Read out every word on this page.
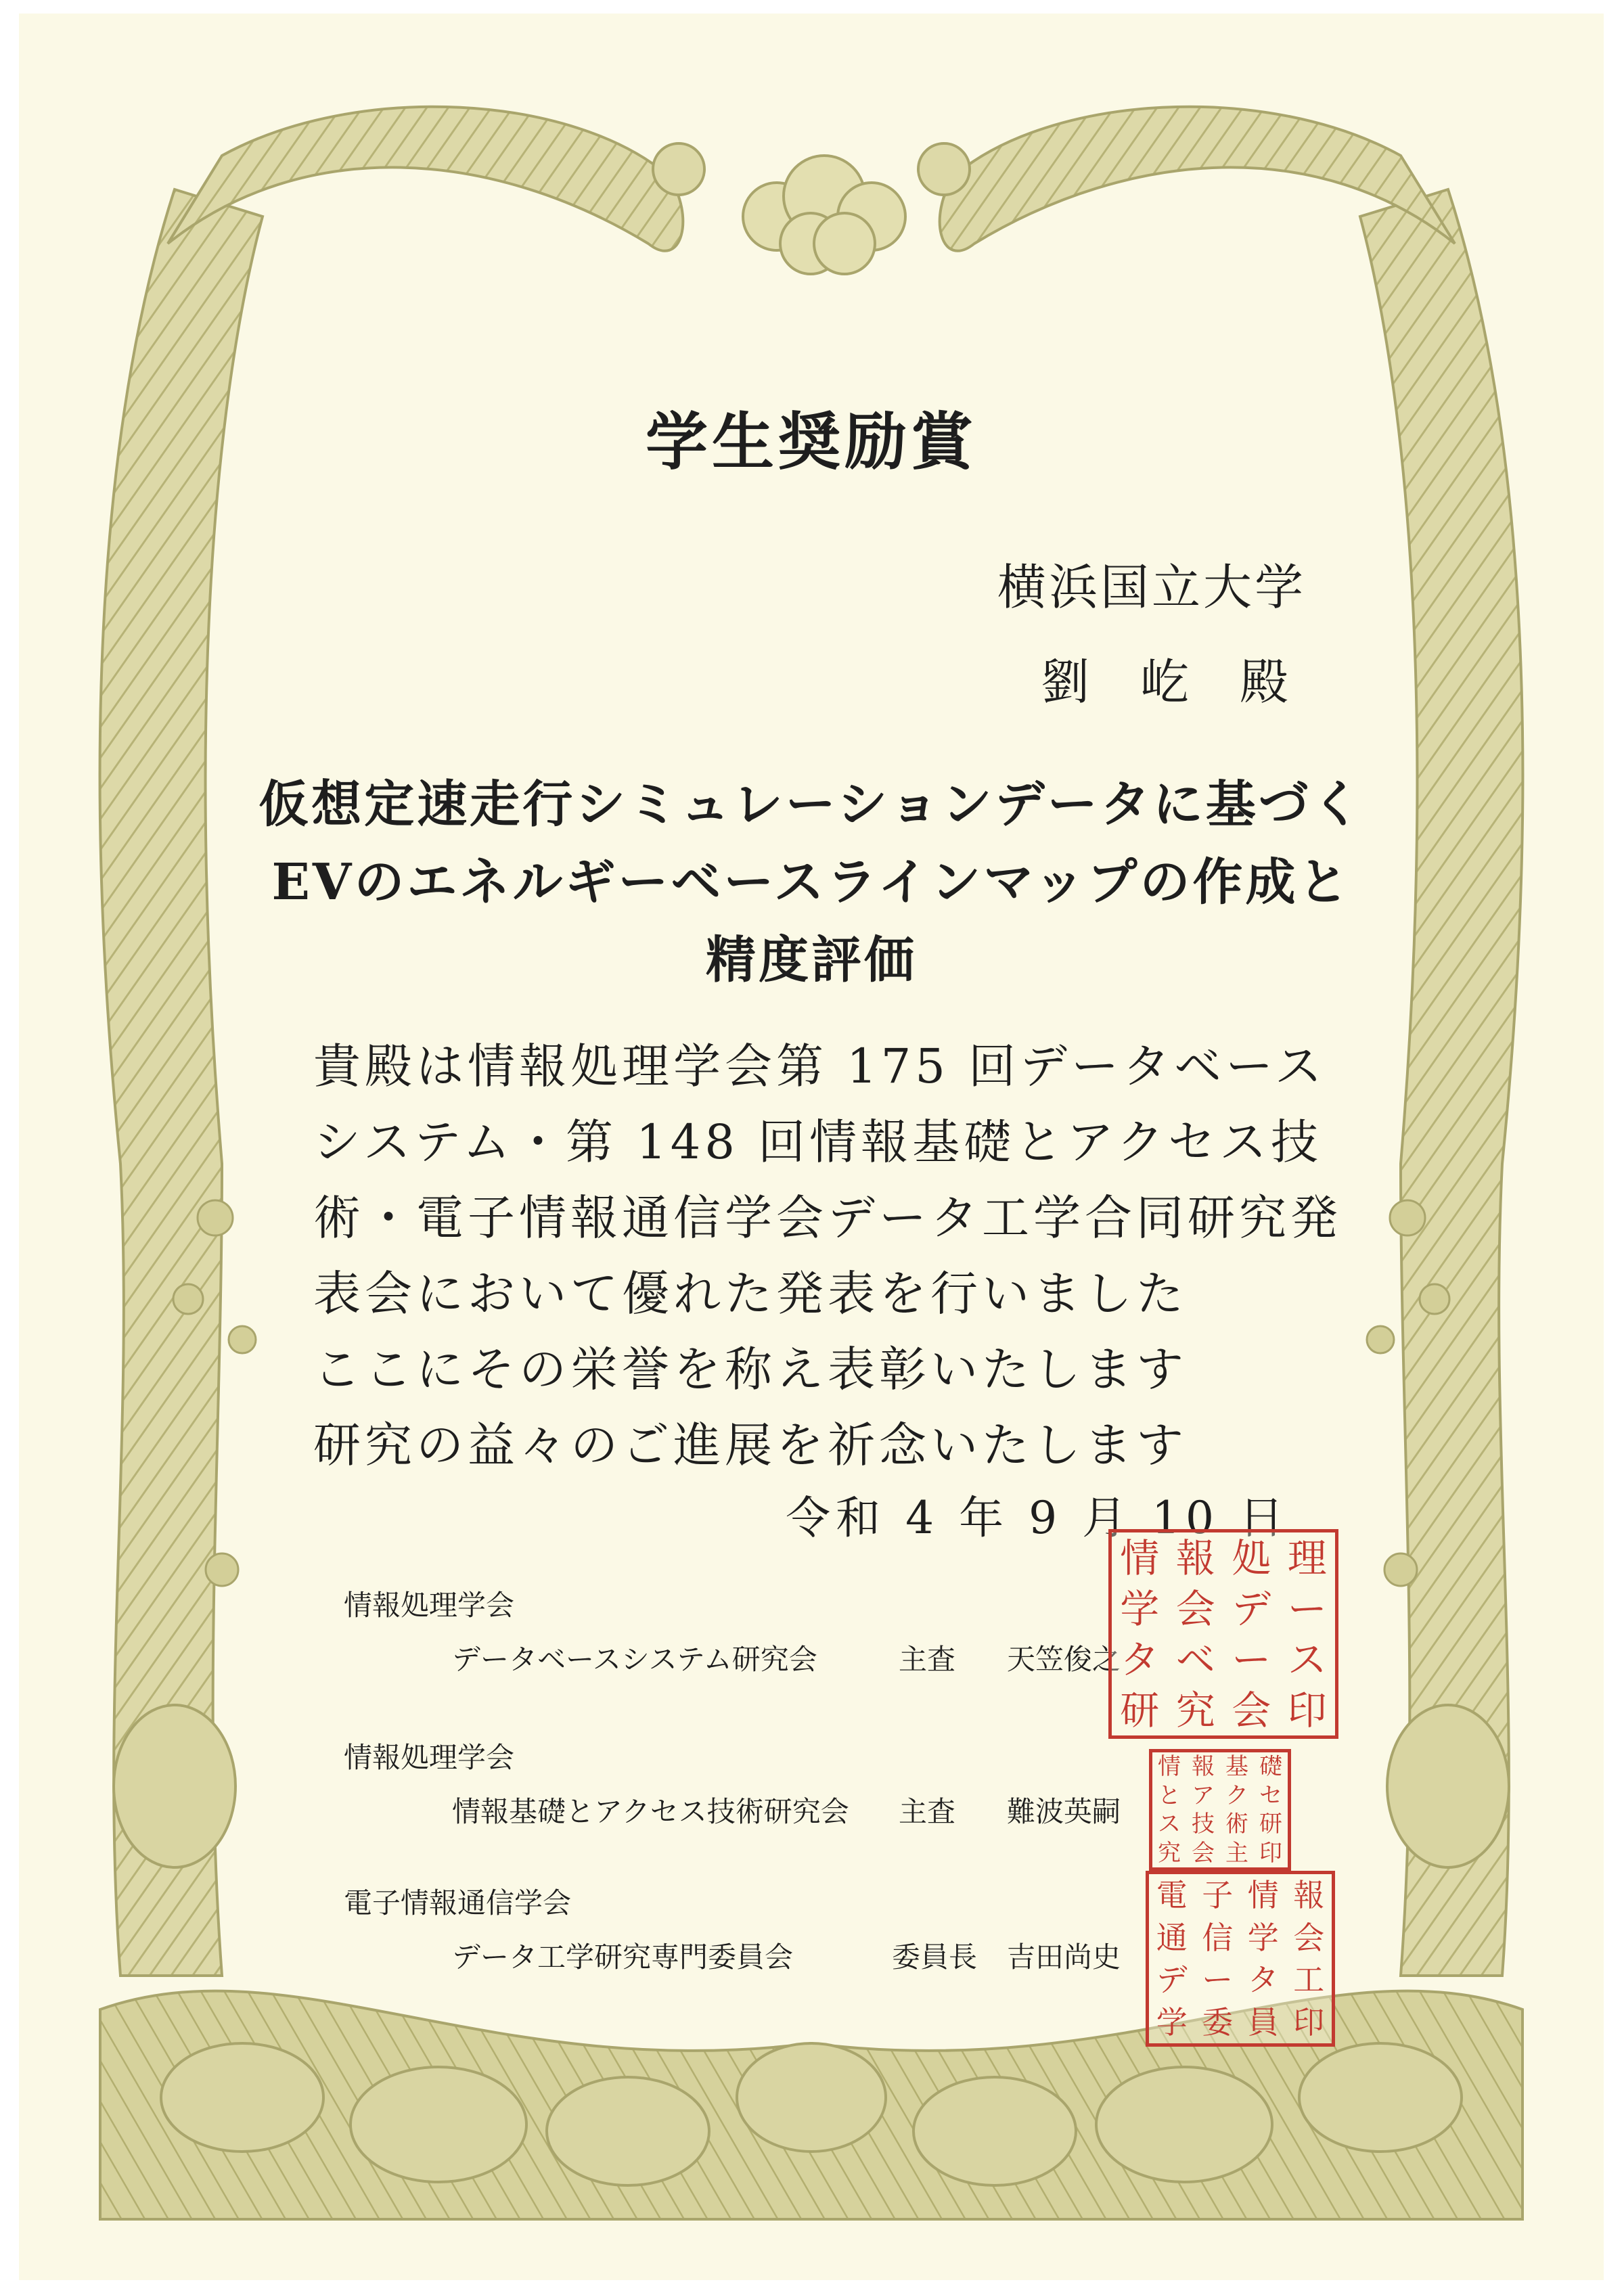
学生奨励賞
横浜国立大学
劉 屹 殿
仮想定速走行シミュレーションデータに基づく
EVのエネルギーベースラインマップの作成と
精度評価
貴殿は情報処理学会第 175 回データベース
システム・第 148 回情報基礎とアクセス技
術・電子情報通信学会データ工学合同研究発
表会において優れた発表を行いました
ここにその栄誉を称え表彰いたします
研究の益々のご進展を祈念いたします
令和 4 年 9 月 10 日
情報処理学会
データベースシステム研究会	主査 天笠俊之
情報処理学会
情報基礎とアクセス技術研究会 主査 難波英嗣
電子情報通信学会
データ工学研究専門委員会	委員長 吉田尚史
情 報 処 理
学 会 デ ー
タ ベ ー ス
研 究 会 印
情 報 基 礎
と ア ク セ
ス 技 術 研
究 会 主 印
電 子 情 報
通 信 学 会
デ ー タ 工
学 委 員 印
